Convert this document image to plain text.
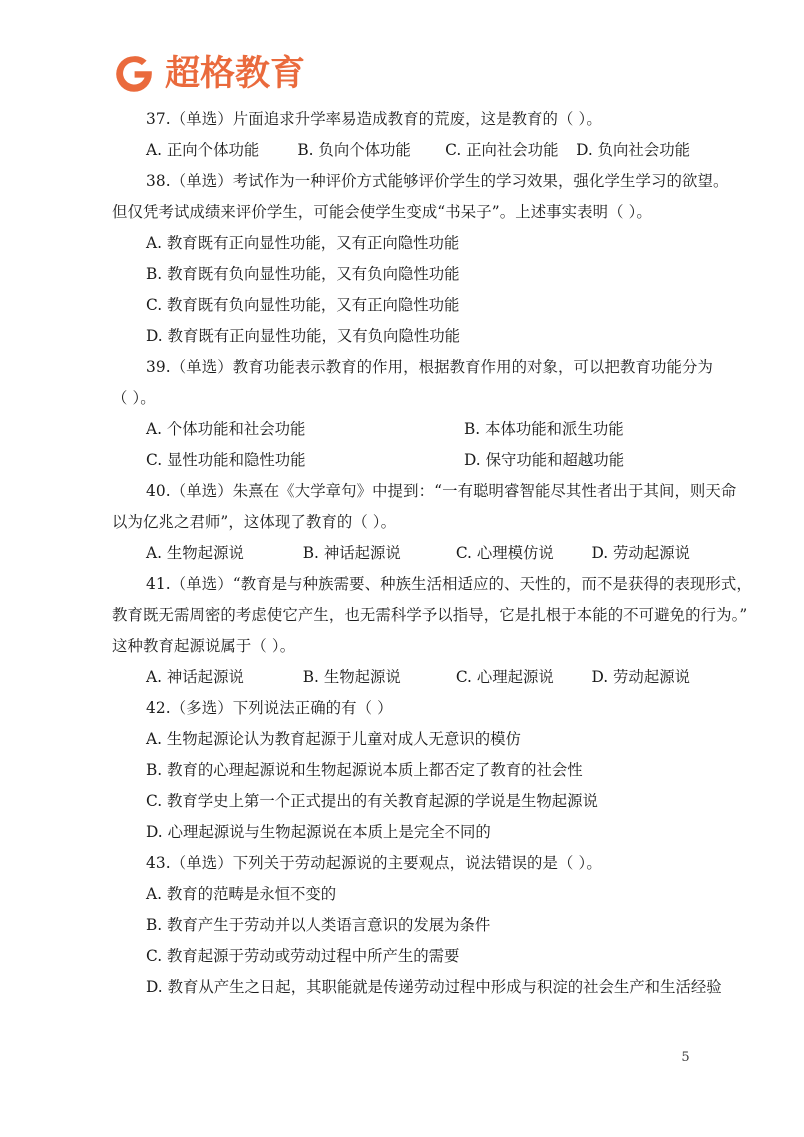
超格教育
37.（单选）片面追求升学率易造成教育的荒废，这是教育的（ ）。
A. 正向个体功能	B. 负向个体功能	C. 正向社会功能	D. 负向社会功能
38.（单选）考试作为一种评价方式能够评价学生的学习效果，强化学生学习的欲望。
但仅凭考试成绩来评价学生，可能会使学生变成“书呆子”。上述事实表明（ ）。
A. 教育既有正向显性功能，又有正向隐性功能
B. 教育既有负向显性功能，又有负向隐性功能
C. 教育既有负向显性功能，又有正向隐性功能
D. 教育既有正向显性功能，又有负向隐性功能
39.（单选）教育功能表示教育的作用，根据教育作用的对象，可以把教育功能分为
（ ）。
A. 个体功能和社会功能	B. 本体功能和派生功能
C. 显性功能和隐性功能	D. 保守功能和超越功能
40.（单选）朱熹在《大学章句》中提到：“一有聪明睿智能尽其性者出于其间，则天命
以为亿兆之君师”，这体现了教育的（ ）。
A. 生物起源说	B. 神话起源说	C. 心理模仿说	D. 劳动起源说
41.（单选）“教育是与种族需要、种族生活相适应的、天性的，而不是获得的表现形式，
教育既无需周密的考虑使它产生，也无需科学予以指导，它是扎根于本能的不可避免的行为。”
这种教育起源说属于（ ）。
A. 神话起源说	B. 生物起源说	C. 心理起源说	D. 劳动起源说
42.（多选）下列说法正确的有（ ）
A. 生物起源论认为教育起源于儿童对成人无意识的模仿
B. 教育的心理起源说和生物起源说本质上都否定了教育的社会性
C. 教育学史上第一个正式提出的有关教育起源的学说是生物起源说
D. 心理起源说与生物起源说在本质上是完全不同的
43.（单选）下列关于劳动起源说的主要观点，说法错误的是（ ）。
A. 教育的范畴是永恒不变的
B. 教育产生于劳动并以人类语言意识的发展为条件
C. 教育起源于劳动或劳动过程中所产生的需要
D. 教育从产生之日起，其职能就是传递劳动过程中形成与积淀的社会生产和生活经验
5
